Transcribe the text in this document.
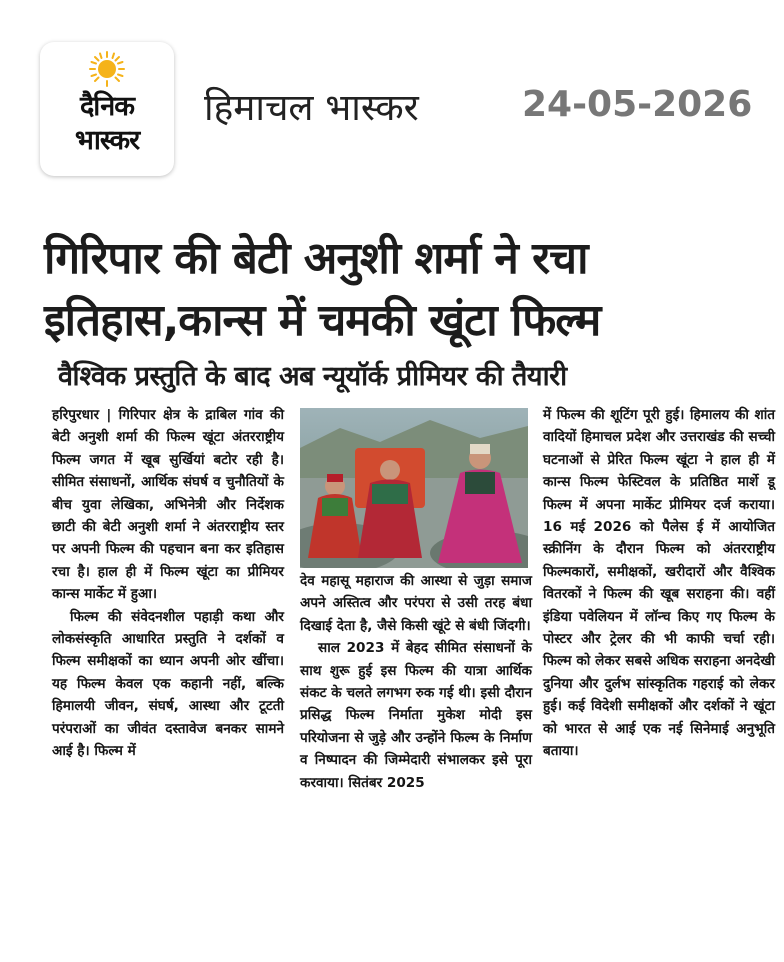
दैनिक
भास्कर
हिमाचल भास्कर	24-05-2026
गिरिपार की बेटी अनुशी शर्मा ने रचा
इतिहास,कान्स में चमकी खूंटा फिल्म
वैश्विक प्रस्तुति के बाद अब न्यूयॉर्क प्रीमियर की तैयारी

हरिपुरधार | गिरिपार क्षेत्र के द्राबिल गांव की बेटी अनुशी शर्मा की फिल्म खूंटा अंतरराष्ट्रीय फिल्म जगत में खूब सुर्खियां बटोर रही है। सीमित संसाधनों, आर्थिक संघर्ष व चुनौतियों के बीच युवा लेखिका, अभिनेत्री और निर्देशक छाटी की बेटी अनुशी शर्मा ने अंतरराष्ट्रीय स्तर पर अपनी फिल्म की पहचान बना कर इतिहास रचा है। हाल ही में फिल्म खूंटा का प्रीमियर कान्स मार्केट में हुआ।

फिल्म की संवेदनशील पहाड़ी कथा और लोकसंस्कृति आधारित प्रस्तुति ने दर्शकों व फिल्म समीक्षकों का ध्यान अपनी ओर खींचा। यह फिल्म केवल एक कहानी नहीं, बल्कि हिमालयी जीवन, संघर्ष, आस्था और टूटती परंपराओं का जीवंत दस्तावेज बनकर सामने आई है। फिल्म में

देव महासू महाराज की आस्था से जुड़ा समाज अपने अस्तित्व और परंपरा से उसी तरह बंधा दिखाई देता है, जैसे किसी खूंटे से बंधी जिंदगी।

साल 2023 में बेहद सीमित संसाधनों के साथ शुरू हुई इस फिल्म की यात्रा आर्थिक संकट के चलते लगभग रुक गई थी। इसी दौरान प्रसिद्ध फिल्म निर्माता मुकेश मोदी इस परियोजना से जुड़े और उन्होंने फिल्म के निर्माण व निष्पादन की जिम्मेदारी संभालकर इसे पूरा करवाया। सितंबर 2025

में फिल्म की शूटिंग पूरी हुई। हिमालय की शांत वादियों हिमाचल प्रदेश और उत्तराखंड की सच्ची घटनाओं से प्रेरित फिल्म खूंटा ने हाल ही में कान्स फिल्म फेस्टिवल के प्रतिष्ठित मार्शे डू फिल्म में अपना मार्केट प्रीमियर दर्ज कराया। 16 मई 2026 को पैलेस ई में आयोजित स्क्रीनिंग के दौरान फिल्म को अंतरराष्ट्रीय फिल्मकारों, समीक्षकों, खरीदारों और वैश्विक वितरकों ने फिल्म की खूब सराहना की। वहीं इंडिया पवेलियन में लॉन्च किए गए फिल्म के पोस्टर और ट्रेलर की भी काफी चर्चा रही। फिल्म को लेकर सबसे अधिक सराहना अनदेखी दुनिया और दुर्लभ सांस्कृतिक गहराई को लेकर हुई। कई विदेशी समीक्षकों और दर्शकों ने खूंटा को भारत से आई एक नई सिनेमाई अनुभूति बताया।
